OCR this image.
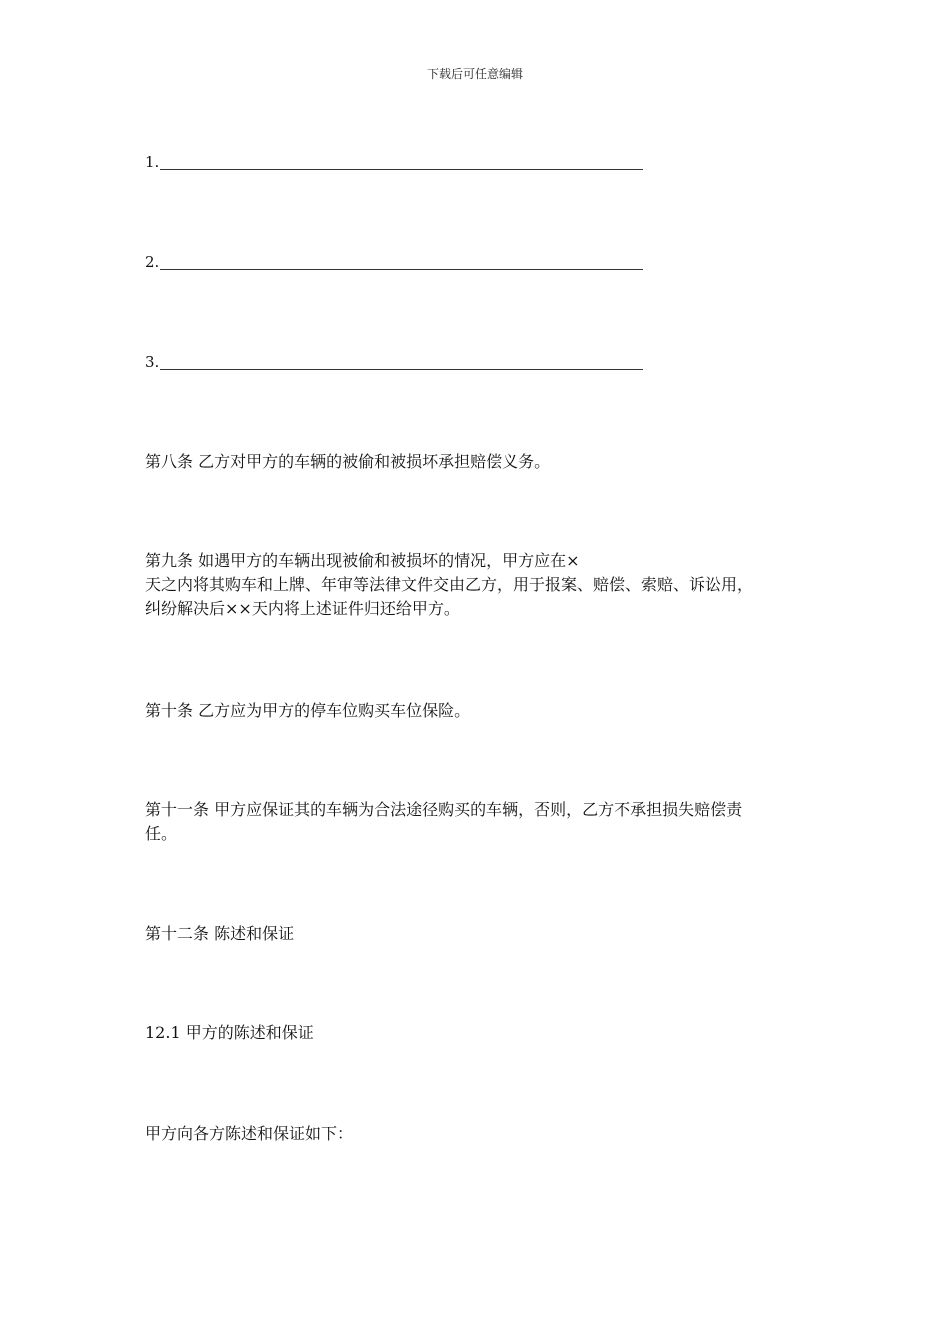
下载后可任意编辑
1.
2.
3.
第八条 乙方对甲方的车辆的被偷和被损坏承担赔偿义务。
第九条 如遇甲方的车辆出现被偷和被损坏的情况，甲方应在×
天之内将其购车和上牌、年审等法律文件交由乙方，用于报案、赔偿、索赔、诉讼用，
纠纷解决后××天内将上述证件归还给甲方。
第十条 乙方应为甲方的停车位购买车位保险。
第十一条 甲方应保证其的车辆为合法途径购买的车辆，否则，乙方不承担损失赔偿责
任。
第十二条 陈述和保证
12.1 甲方的陈述和保证
甲方向各方陈述和保证如下：
